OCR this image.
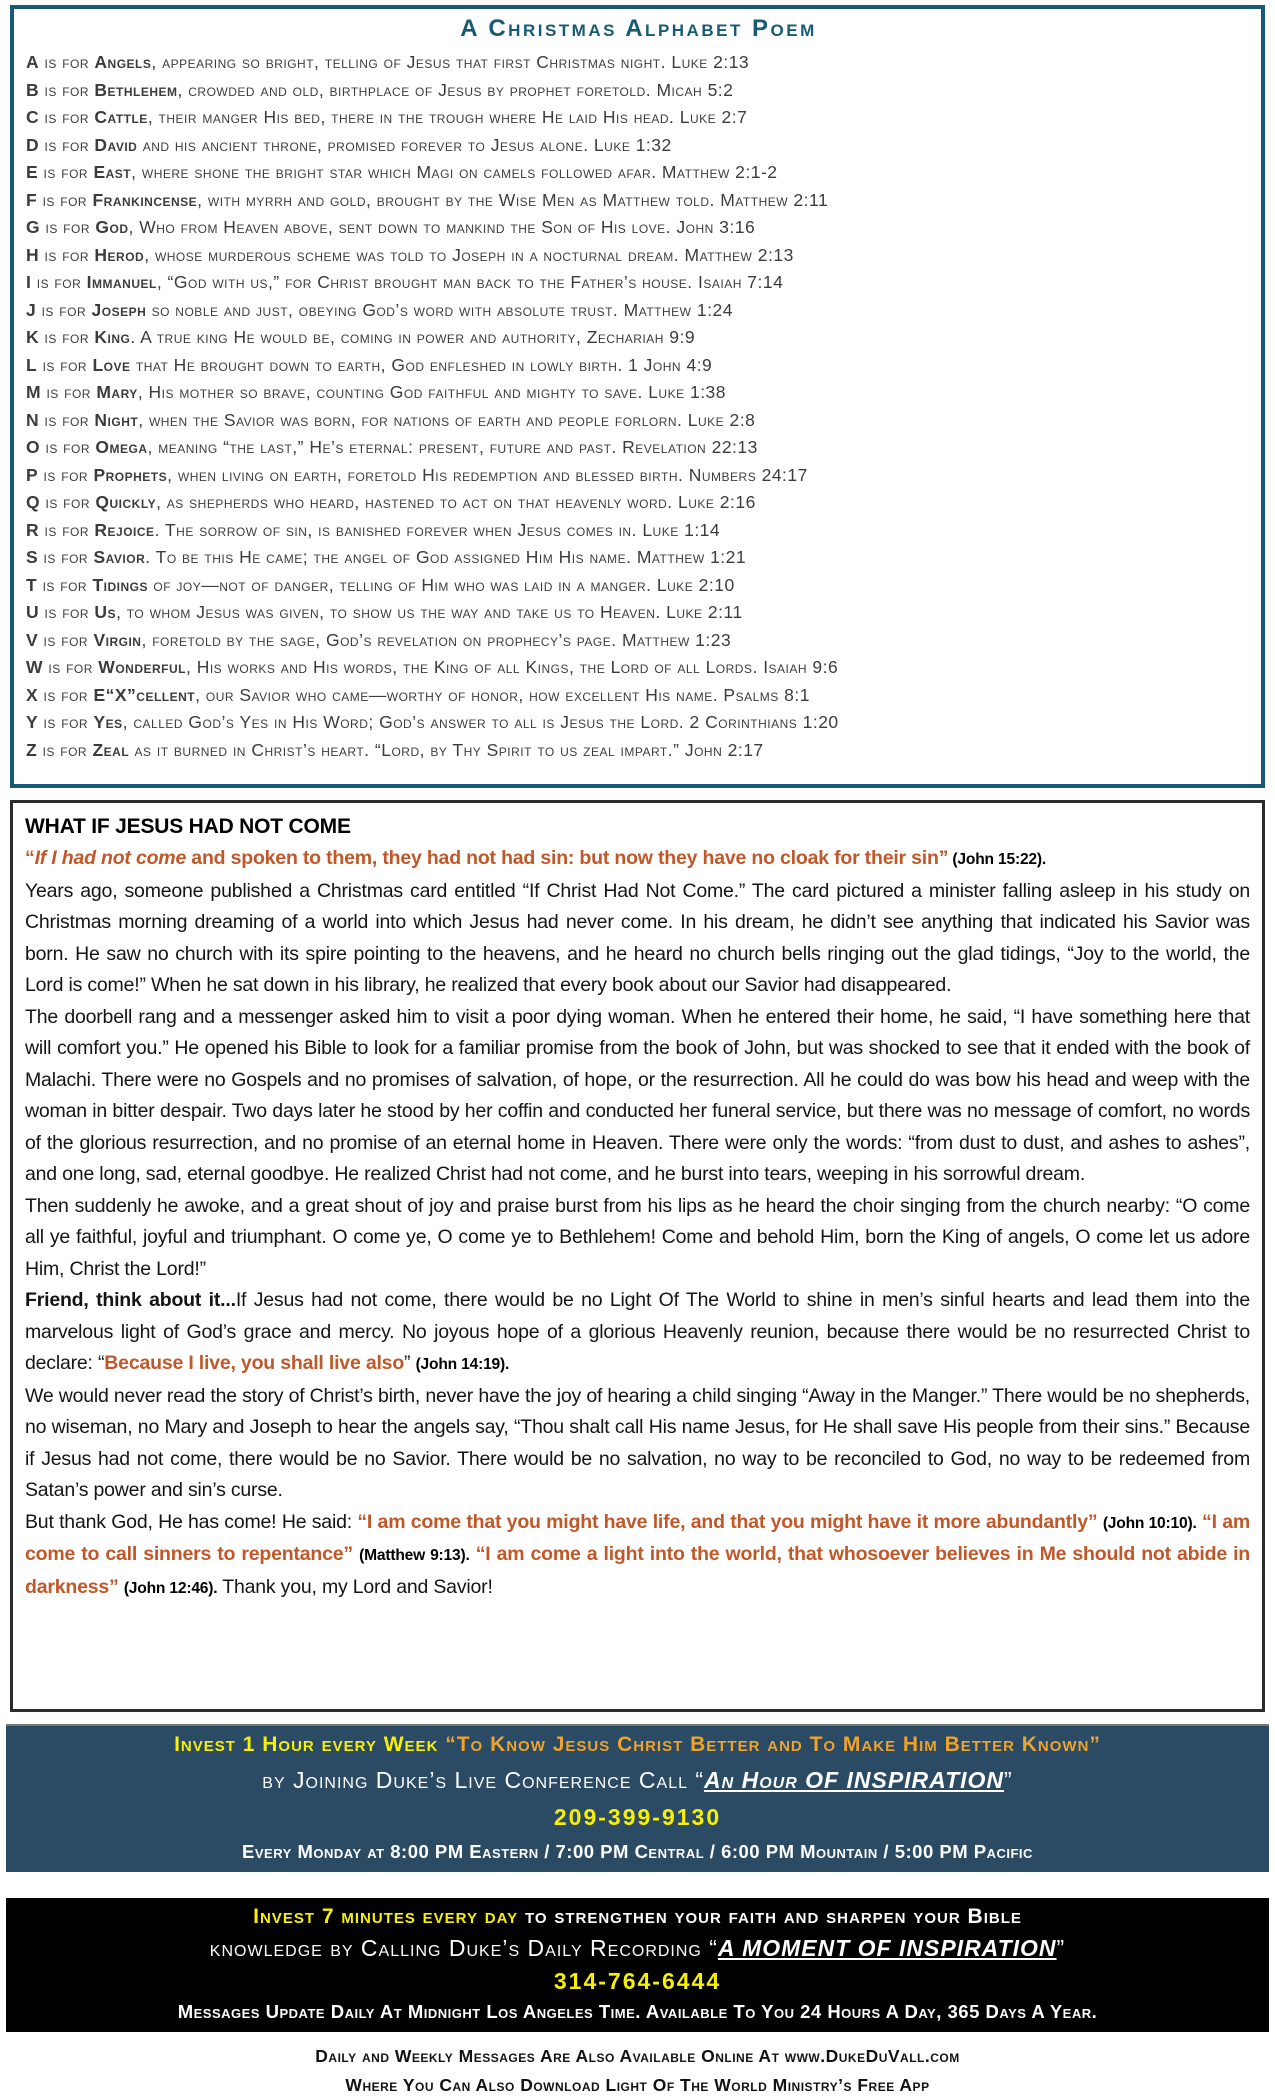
A Christmas Alphabet Poem
A is for Angels, appearing so bright, telling of Jesus that first Christmas night. Luke 2:13
B is for Bethlehem, crowded and old, birthplace of Jesus by prophet foretold. Micah 5:2
C is for Cattle, their manger His bed, there in the trough where He laid His head. Luke 2:7
D is for David and his ancient throne, promised forever to Jesus alone. Luke 1:32
E is for East, where shone the bright star which Magi on camels followed afar. Matthew 2:1-2
F is for Frankincense, with myrrh and gold, brought by the Wise Men as Matthew told. Matthew 2:11
G is for God, Who from Heaven above, sent down to mankind the Son of His love. John 3:16
H is for Herod, whose murderous scheme was told to Joseph in a nocturnal dream. Matthew 2:13
I is for Immanuel, “God with us,” for Christ brought man back to the Father’s house. Isaiah 7:14
J is for Joseph so noble and just, obeying God’s word with absolute trust. Matthew 1:24
K is for King. A true king He would be, coming in power and authority, Zechariah 9:9
L is for Love that He brought down to earth, God enfleshed in lowly birth. 1 John 4:9
M is for Mary, His mother so brave, counting God faithful and mighty to save. Luke 1:38
N is for Night, when the Savior was born, for nations of earth and people forlorn. Luke 2:8
O is for Omega, meaning “the last,” He’s eternal: present, future and past. Revelation 22:13
P is for Prophets, when living on earth, foretold His redemption and blessed birth. Numbers 24:17
Q is for Quickly, as shepherds who heard, hastened to act on that heavenly word. Luke 2:16
R is for Rejoice. The sorrow of sin, is banished forever when Jesus comes in. Luke 1:14
S is for Savior. To be this He came; the angel of God assigned Him His name. Matthew 1:21
T is for Tidings of joy—not of danger, telling of Him who was laid in a manger. Luke 2:10
U is for Us, to whom Jesus was given, to show us the way and take us to Heaven. Luke 2:11
V is for Virgin, foretold by the sage, God’s revelation on prophecy’s page. Matthew 1:23
W is for Wonderful, His works and His words, the King of all Kings, the Lord of all Lords. Isaiah 9:6
X is for E“X”cellent, our Savior who came—worthy of honor, how excellent His name. Psalms 8:1
Y is for Yes, called God’s Yes in His Word; God’s answer to all is Jesus the Lord. 2 Corinthians 1:20
Z is for Zeal as it burned in Christ’s heart. “Lord, by Thy Spirit to us zeal impart.” John 2:17
WHAT IF JESUS HAD NOT COME
“If I had not come and spoken to them, they had not had sin: but now they have no cloak for their sin” (John 15:22).
Years ago, someone published a Christmas card entitled “If Christ Had Not Come.” The card pictured a minister falling asleep in his study on Christmas morning dreaming of a world into which Jesus had never come. In his dream, he didn’t see anything that indicated his Savior was born. He saw no church with its spire pointing to the heavens, and he heard no church bells ringing out the glad tidings, “Joy to the world, the Lord is come!” When he sat down in his library, he realized that every book about our Savior had disappeared.
The doorbell rang and a messenger asked him to visit a poor dying woman. When he entered their home, he said, “I have something here that will comfort you.” He opened his Bible to look for a familiar promise from the book of John, but was shocked to see that it ended with the book of Malachi. There were no Gospels and no promises of salvation, of hope, or the resurrection. All he could do was bow his head and weep with the woman in bitter despair. Two days later he stood by her coffin and conducted her funeral service, but there was no message of comfort, no words of the glorious resurrection, and no promise of an eternal home in Heaven. There were only the words: “from dust to dust, and ashes to ashes”, and one long, sad, eternal goodbye. He realized Christ had not come, and he burst into tears, weeping in his sorrowful dream.
Then suddenly he awoke, and a great shout of joy and praise burst from his lips as he heard the choir singing from the church nearby: “O come all ye faithful, joyful and triumphant. O come ye, O come ye to Bethlehem! Come and behold Him, born the King of angels, O come let us adore Him, Christ the Lord!”
Friend, think about it...If Jesus had not come, there would be no Light Of The World to shine in men’s sinful hearts and lead them into the marvelous light of God’s grace and mercy. No joyous hope of a glorious Heavenly reunion, because there would be no resurrected Christ to declare: “Because I live, you shall live also” (John 14:19).
We would never read the story of Christ’s birth, never have the joy of hearing a child singing “Away in the Manger.” There would be no shepherds, no wiseman, no Mary and Joseph to hear the angels say, “Thou shalt call His name Jesus, for He shall save His people from their sins.” Because if Jesus had not come, there would be no Savior. There would be no salvation, no way to be reconciled to God, no way to be redeemed from Satan’s power and sin’s curse.
But thank God, He has come! He said: “I am come that you might have life, and that you might have it more abundantly” (John 10:10). “I am come to call sinners to repentance” (Matthew 9:13). “I am come a light into the world, that whosoever believes in Me should not abide in darkness” (John 12:46). Thank you, my Lord and Savior!
Invest 1 Hour every Week “To Know Jesus Christ Better and To Make Him Better Known”
by Joining Duke’s Live Conference Call “An Hour OF INSPIRATION”
209-399-9130
Every Monday at 8:00 PM Eastern / 7:00 PM Central / 6:00 PM Mountain / 5:00 PM Pacific
Invest 7 minutes every day to strengthen your faith and sharpen your Bible
knowledge by Calling Duke’s Daily Recording “A MOMENT OF INSPIRATION”
314-764-6444
Messages Update Daily At Midnight Los Angeles Time. Available To You 24 Hours A Day, 365 Days A Year.
Daily and Weekly Messages Are Also Available Online At www.DukeDuVall.com
Where You Can Also Download Light Of The World Ministry’s Free App
